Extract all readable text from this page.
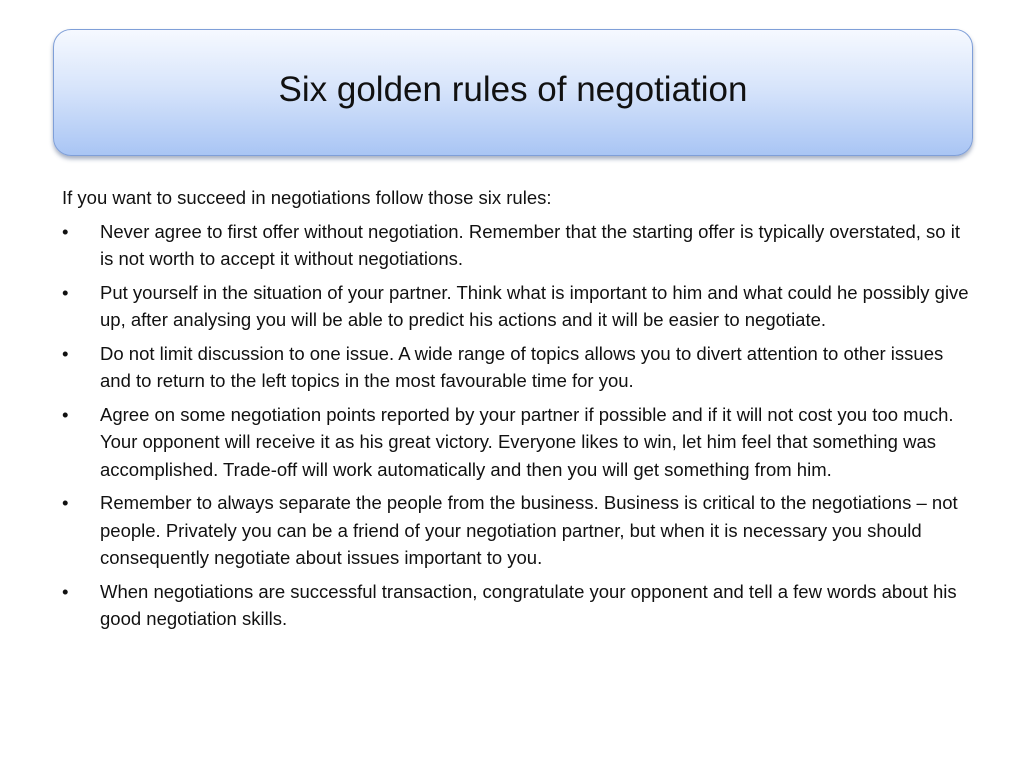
Six golden rules of negotiation

If you want to succeed in negotiations follow those six rules:

•	Never agree to first offer without negotiation. Remember that the starting offer is typically overstated, so it is not worth to accept it without negotiations.
•	Put yourself in the situation of your partner. Think what is important to him and what could he possibly give up, after analysing you will be able to predict his actions and it will be easier to negotiate.
•	Do not limit discussion to one issue. A wide range of topics allows you to divert attention to other issues and to return to the left topics in the most favourable time for you.
•	Agree on some negotiation points reported by your partner if possible and if it will not cost you too much. Your opponent will receive it as his great victory. Everyone likes to win, let him feel that something was accomplished. Trade-off will work automatically and then you will get something from him.
•	Remember to always separate the people from the business. Business is critical to the negotiations – not people. Privately you can be a friend of your negotiation partner, but when it is necessary you should consequently negotiate about issues important to you.
•	When negotiations are successful transaction, congratulate your opponent and tell a few words about his good negotiation skills.
